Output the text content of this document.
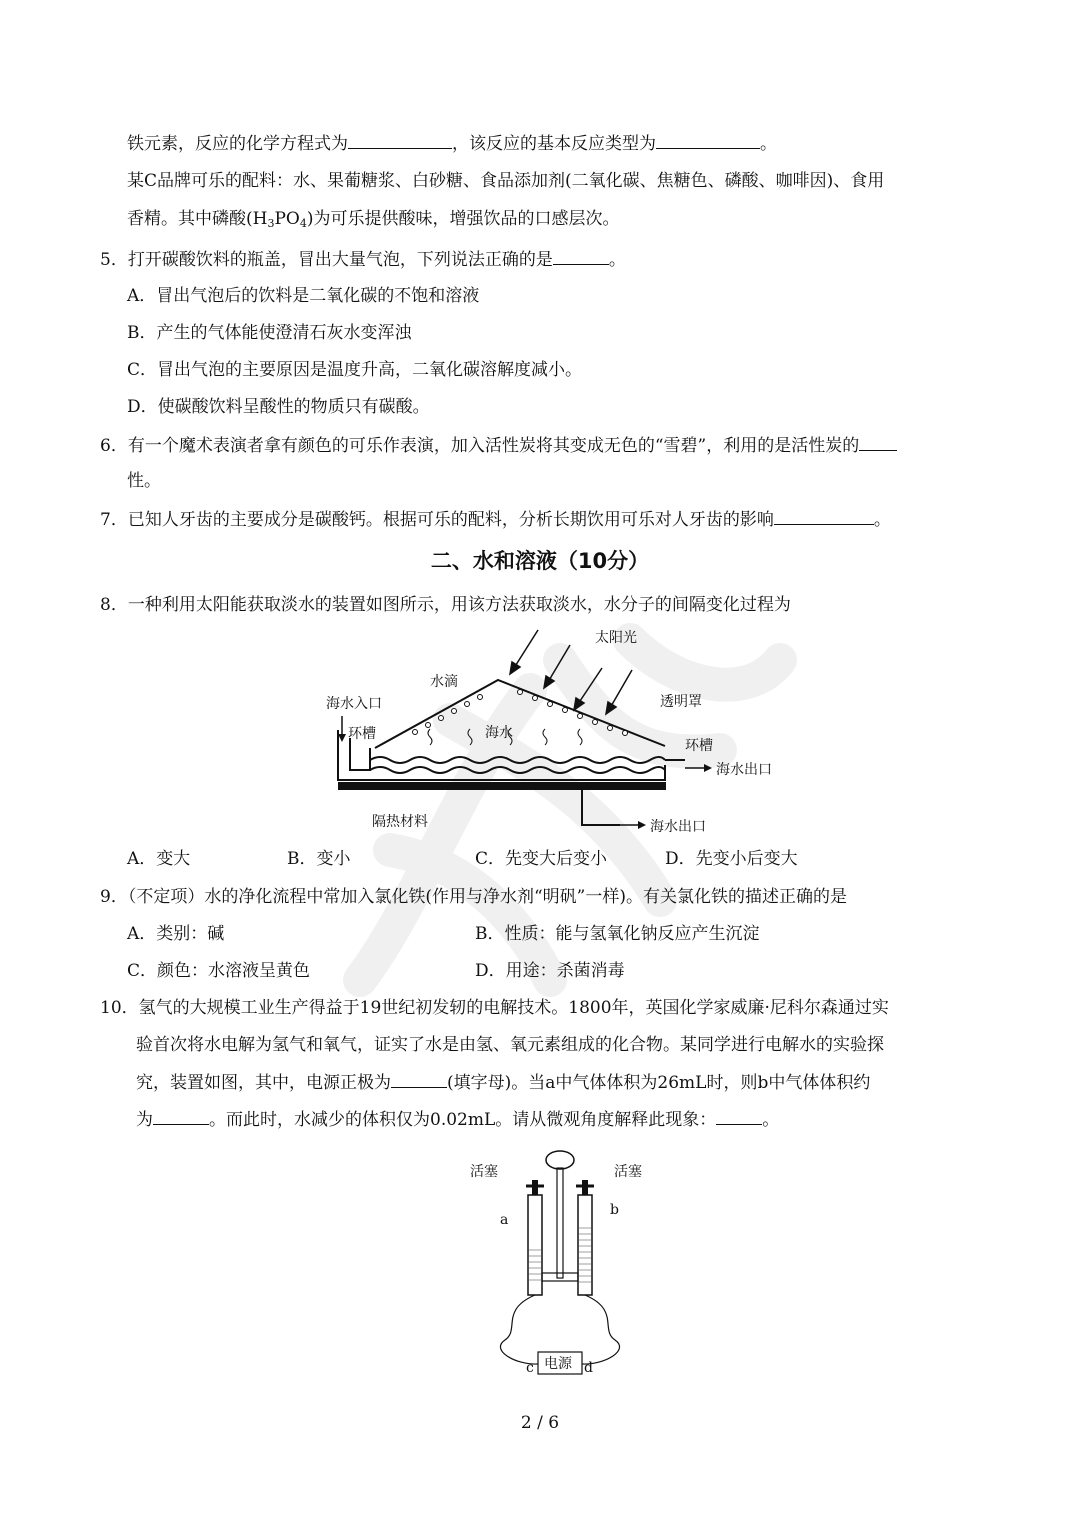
铁元素，反应的化学方程式为	，该反应的基本反应类型为	。
某C品牌可乐的配料：水、果葡糖浆、白砂糖、食品添加剂(二氧化碳、焦糖色、磷酸、咖啡因)、食用
香精。其中磷酸$(H_3PO_4)$为可乐提供酸味，增强饮品的口感层次。
5．打开碳酸饮料的瓶盖，冒出大量气泡，下列说法正确的是	。
A．冒出气泡后的饮料是二氧化碳的不饱和溶液
B．产生的气体能使澄清石灰水变浑浊
C．冒出气泡的主要原因是温度升高，二氧化碳溶解度减小。
D．使碳酸饮料呈酸性的物质只有碳酸。
6．有一个魔术表演者拿有颜色的可乐作表演，加入活性炭将其变成无色的“雪碧”，利用的是活性炭的
性。
7．已知人牙齿的主要成分是碳酸钙。根据可乐的配料，分析长期饮用可乐对人牙齿的影响	。
二、水和溶液（10分）
8．一种利用太阳能获取淡水的装置如图所示，用该方法获取淡水，水分子的间隔变化过程为
太阳光
水滴
海水入口	透明罩
环槽
环槽
海水
海水出口
隔热材料	海水出口
A．变大	B．变小	C．先变大后变小	D．先变小后变大
9．（不定项）水的净化流程中常加入氯化铁(作用与净水剂“明矾”一样)。有关氯化铁的描述正确的是
A．类别：碱	B．性质：能与氢氧化钠反应产生沉淀
C．颜色：水溶液呈黄色	D．用途：杀菌消毒
10．氢气的大规模工业生产得益于19世纪初发轫的电解技术。1800年，英国化学家威廉·尼科尔森通过实
验首次将水电解为氢气和氧气，证实了水是由氢、氧元素组成的化合物。某同学进行电解水的实验探
究，装置如图，其中，电源正极为	(填字母)。当a中气体体积为26mL时，则b中气体体积约
为	。而此时，水减少的体积仅为0.02mL。请从微观角度解释此现象：	。
活塞	活塞
a
b
c	d
电源
2 / 6
